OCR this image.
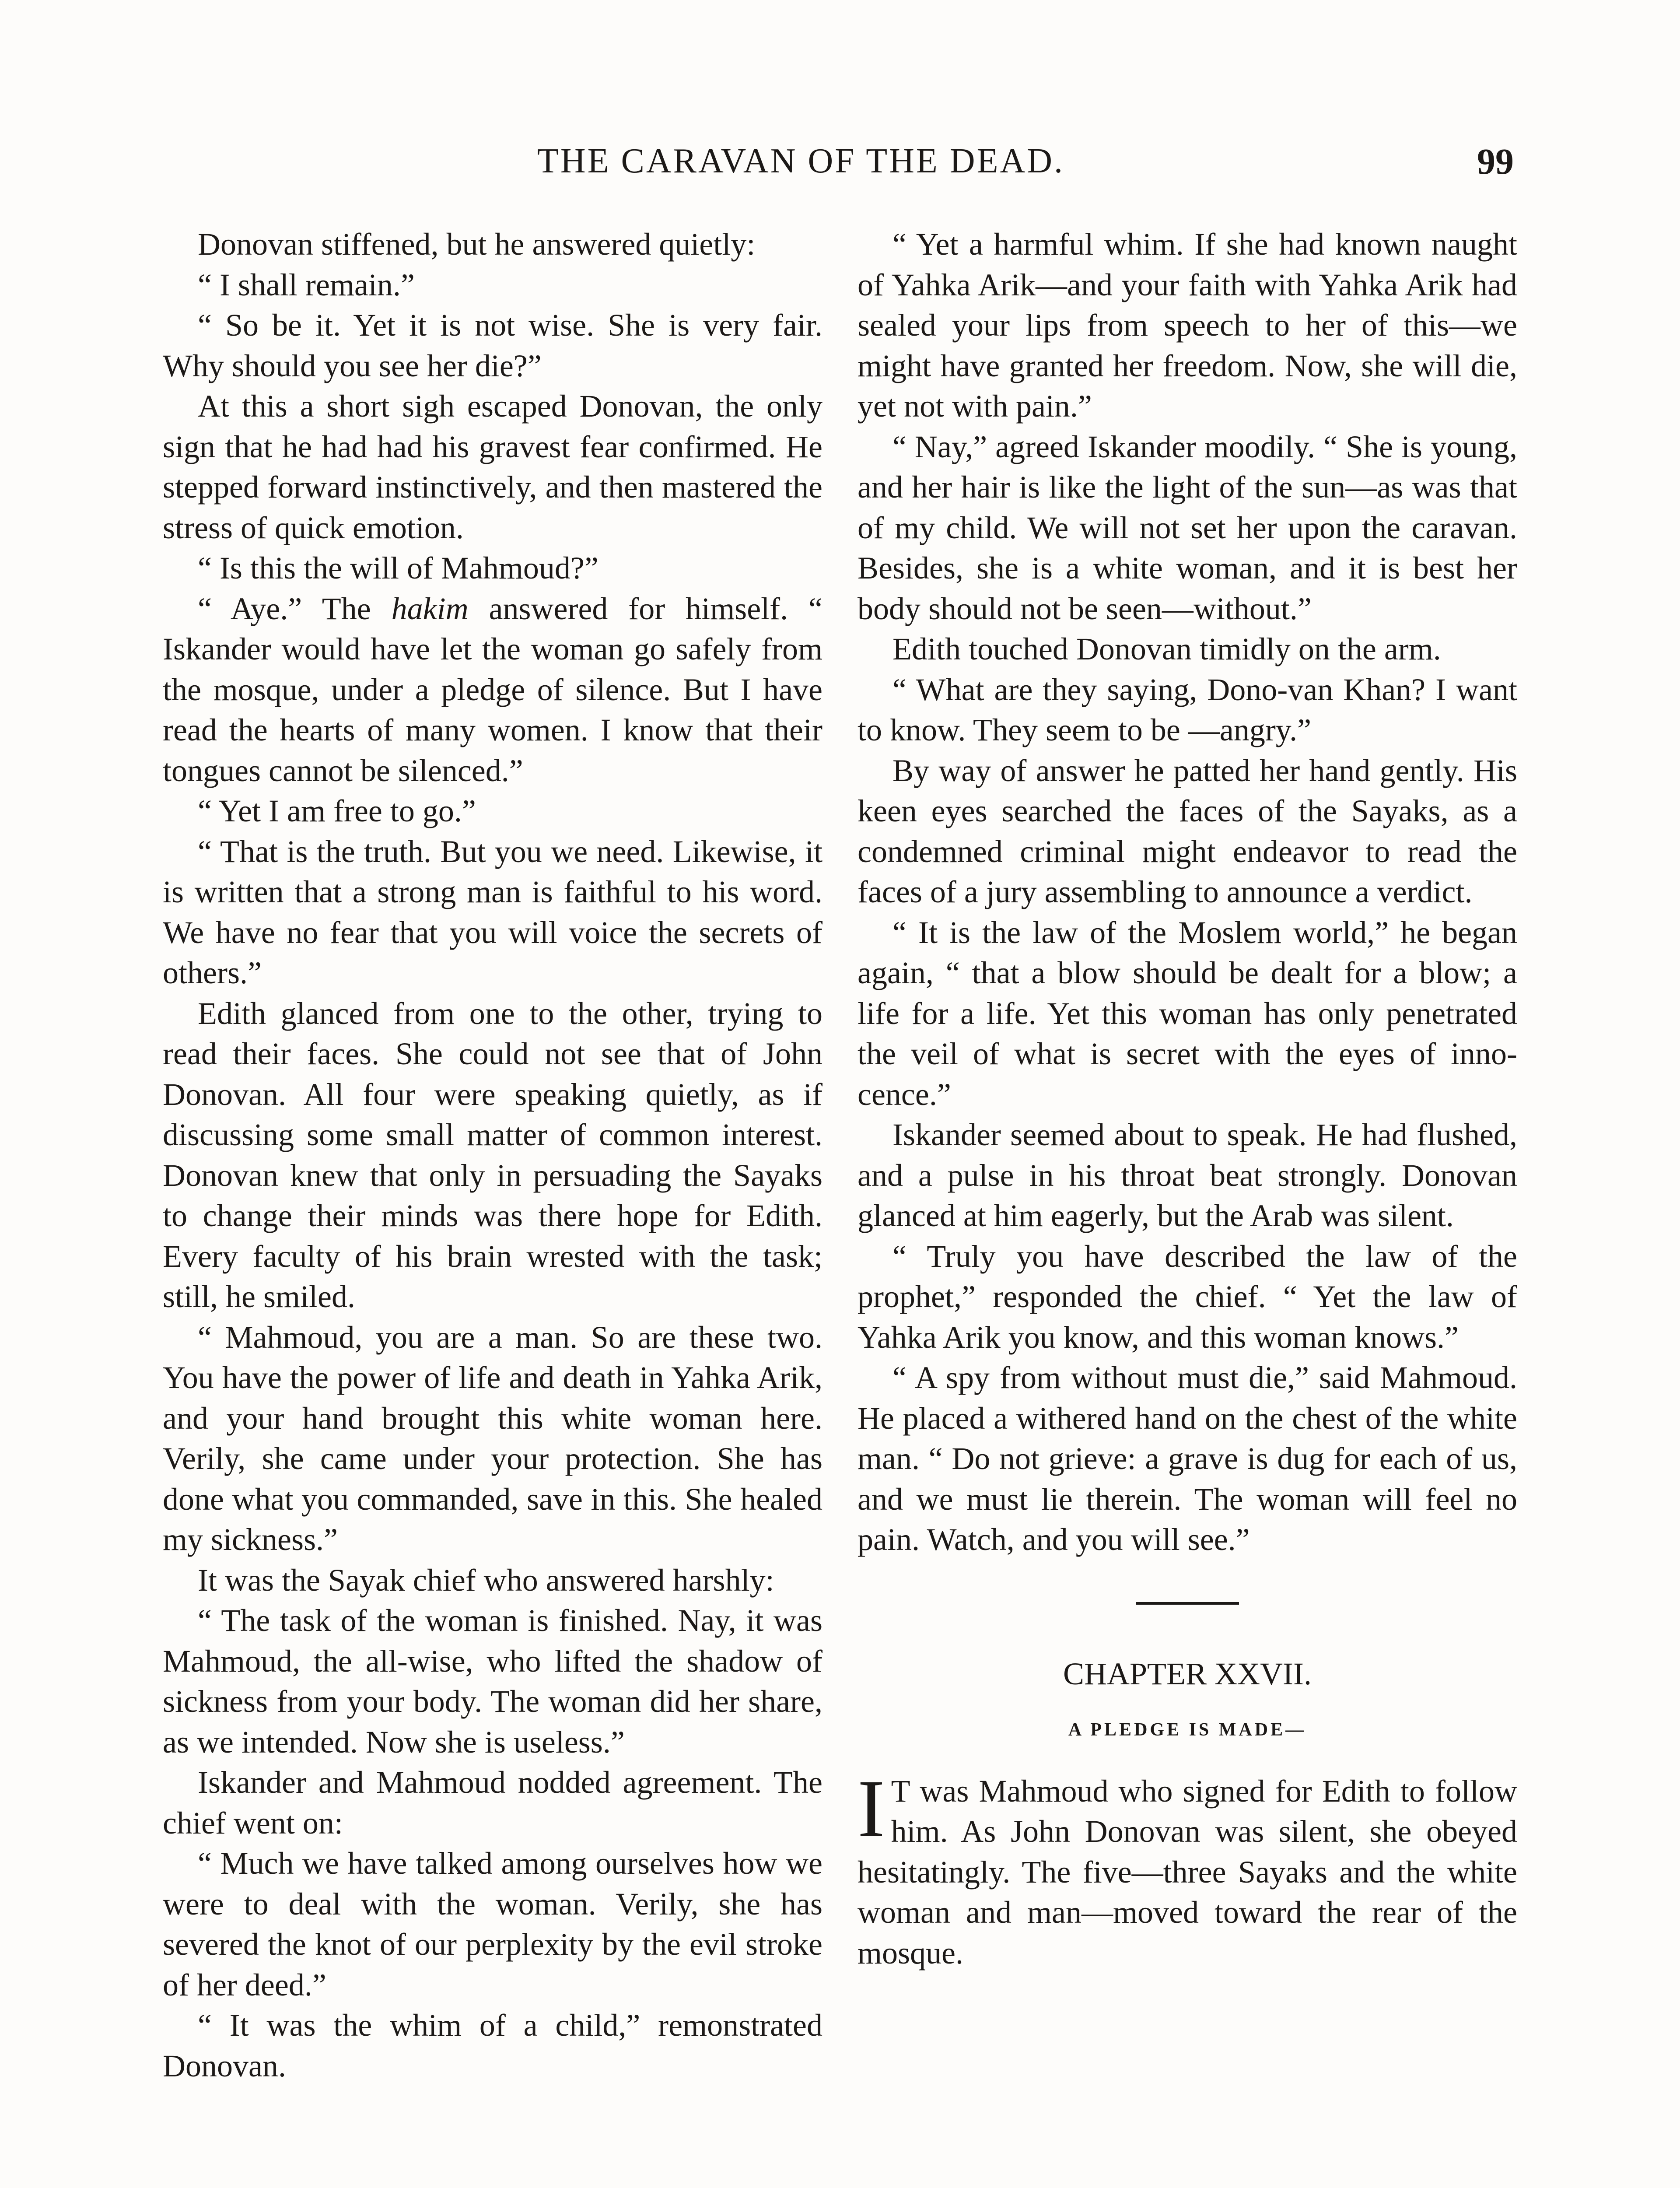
THE CARAVAN OF THE DEAD.	99

Donovan stiffened, but he answered quietly:

“ I shall remain.”

“ So be it. Yet it is not wise. She is very fair. Why should you see her die?”

At this a short sigh escaped Donovan, the only sign that he had had his gravest fear confirmed. He stepped forward instinctively, and then mastered the stress of quick emotion.

“ Is this the will of Mahmoud?”

“ Aye.” The hakim answered for himself. “ Iskander would have let the woman go safely from the mosque, under a pledge of silence. But I have read the hearts of many women. I know that their tongues cannot be silenced.”

“ Yet I am free to go.”

“ That is the truth. But you we need. Likewise, it is written that a strong man is faithful to his word. We have no fear that you will voice the secrets of others.”

Edith glanced from one to the other, trying to read their faces. She could not see that of John Donovan. All four were speaking quietly, as if discussing some small matter of common interest. Donovan knew that only in persuading the Sayaks to change their minds was there hope for Edith. Every faculty of his brain wrested with the task; still, he smiled.

“ Mahmoud, you are a man. So are these two. You have the power of life and death in Yahka Arik, and your hand brought this white woman here. Verily, she came under your protection. She has done what you commanded, save in this. She healed my sickness.”

It was the Sayak chief who answered harshly:

“ The task of the woman is finished. Nay, it was Mahmoud, the all-wise, who lifted the shadow of sickness from your body. The woman did her share, as we intended. Now she is useless.”

Iskander and Mahmoud nodded agreement. The chief went on:

“ Much we have talked among ourselves how we were to deal with the woman. Verily, she has severed the knot of our perplexity by the evil stroke of her deed.”

“ It was the whim of a child,” remonstrated Donovan.

“ Yet a harmful whim. If she had known naught of Yahka Arik—and your faith with Yahka Arik had sealed your lips from speech to her of this—we might have granted her freedom. Now, she will die, yet not with pain.”

“ Nay,” agreed Iskander moodily. “ She is young, and her hair is like the light of the sun—as was that of my child. We will not set her upon the caravan. Besides, she is a white woman, and it is best her body should not be seen—without.”

Edith touched Donovan timidly on the arm.

“ What are they saying, Dono-van Khan? I want to know. They seem to be —angry.”

By way of answer he patted her hand gently. His keen eyes searched the faces of the Sayaks, as a condemned criminal might endeavor to read the faces of a jury assembling to announce a verdict.

“ It is the law of the Moslem world,” he began again, “ that a blow should be dealt for a blow; a life for a life. Yet this woman has only penetrated the veil of what is secret with the eyes of innocence.”

Iskander seemed about to speak. He had flushed, and a pulse in his throat beat strongly. Donovan glanced at him eagerly, but the Arab was silent.

“ Truly you have described the law of the prophet,” responded the chief. “ Yet the law of Yahka Arik you know, and this woman knows.”

“ A spy from without must die,” said Mahmoud. He placed a withered hand on the chest of the white man. “ Do not grieve: a grave is dug for each of us, and we must lie therein. The woman will feel no pain. Watch, and you will see.”

CHAPTER XXVII.
A PLEDGE IS MADE—

I T was Mahmoud who signed for Edith to follow him. As John Donovan was silent, she obeyed hesitatingly. The five—three Sayaks and the white woman and man—moved toward the rear of the mosque.
